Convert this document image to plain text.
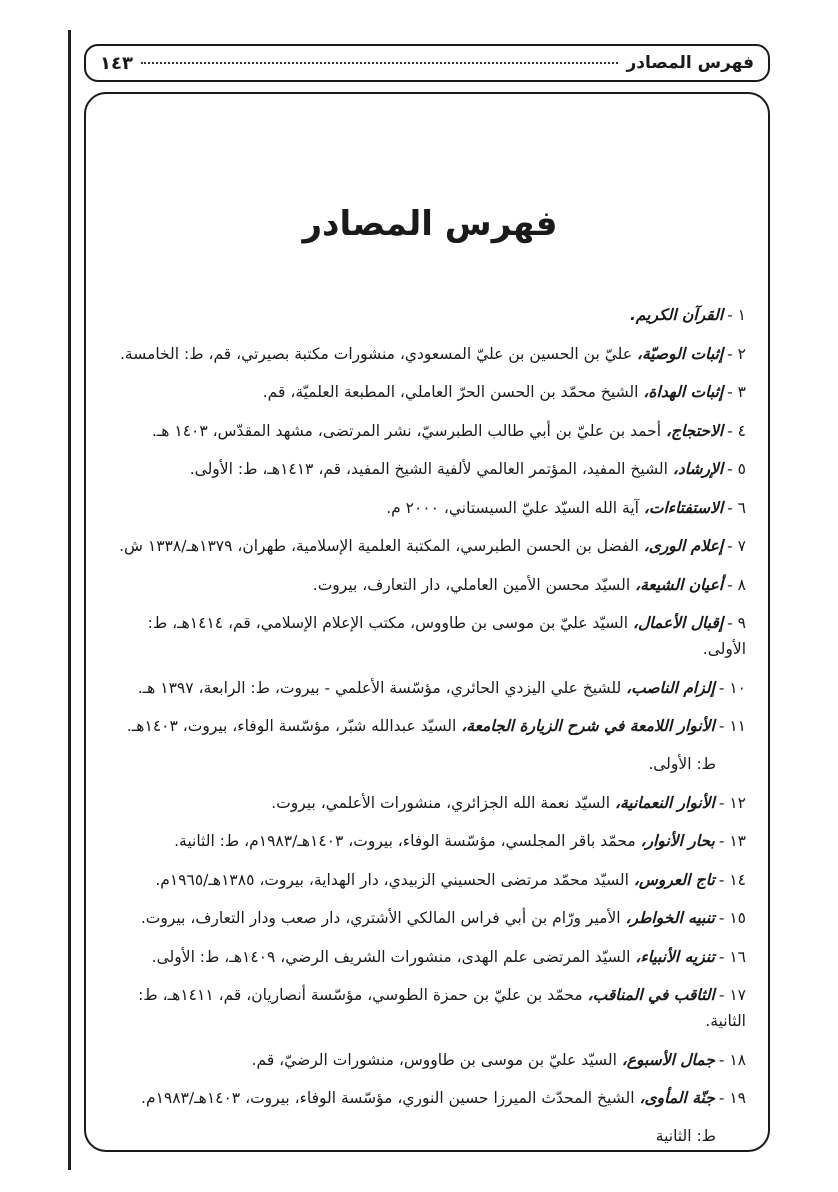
فهرس المصادر
١٤٣
فهرس المصادر
١ -القرآن الكريم.
٢ -إثبات الوصيّة، عليّ بن الحسين بن عليّ المسعودي، منشورات مكتبة بصيرتي، قم، ط: الخامسة.
٣ -إثبات الهداة، الشيخ محمّد بن الحسن الحرّ العاملي، المطبعة العلميّة، قم.
٤ -الاحتجاج، أحمد بن عليّ بن أبي طالب الطبرسيّ، نشر المرتضى، مشهد المقدّس، ١٤٠٣ هـ.
٥ -الإرشاد، الشيخ المفيد، المؤتمر العالمي لألفية الشيخ المفيد، قم، ١٤١٣هـ، ط: الأولى.
٦ -الاستفتاءات، آية الله السيّد عليّ السيستاني، ٢٠٠٠ م.
٧ -إعلام الورى، الفضل بن الحسن الطبرسي، المكتبة العلمية الإسلامية، طهران، ١٣٧٩هـ/١٣٣٨ ش.
٨ -أعيان الشيعة، السيّد محسن الأمين العاملي، دار التعارف، بيروت.
٩ -إقبال الأعمال، السيّد عليّ بن موسى بن طاووس، مكتب الإعلام الإسلامي، قم، ١٤١٤هـ، ط: الأولى.
١٠ -إلزام الناصب، للشيخ علي اليزدي الحائري، مؤسّسة الأعلمي - بيروت، ط: الرابعة، ١٣٩٧ هـ.
١١ -الأنوار اللامعة في شرح الزيارة الجامعة، السيّد عبدالله شبّر، مؤسّسة الوفاء، بيروت، ١٤٠٣هـ.
ط: الأولى.
١٢ -الأنوار النعمانية، السيّد نعمة الله الجزائري، منشورات الأعلمي، بيروت.
١٣ -بحار الأنوار، محمّد باقر المجلسي، مؤسّسة الوفاء، بيروت، ١٤٠٣هـ/١٩٨٣م، ط: الثانية.
١٤ -تاج العروس، السيّد محمّد مرتضى الحسيني الزبيدي، دار الهداية، بيروت، ١٣٨٥هـ/١٩٦٥م.
١٥ -تنبيه الخواطر، الأمير ورّام بن أبي فراس المالكي الأشتري، دار صعب ودار التعارف، بيروت.
١٦ -تنزيه الأنبياء، السيّد المرتضى علم الهدى، منشورات الشريف الرضي، ١٤٠٩هـ، ط: الأولى.
١٧ -الثاقب في المناقب، محمّد بن عليّ بن حمزة الطوسي، مؤسّسة أنصاريان، قم، ١٤١١هـ، ط: الثانية.
١٨ -جمال الأسبوع، السيّد عليّ بن موسى بن طاووس، منشورات الرضيّ، قم.
١٩ -جنّة المأوى، الشيخ المحدّث الميرزا حسين النوري، مؤسّسة الوفاء، بيروت، ١٤٠٣هـ/١٩٨٣م.
ط: الثانية
